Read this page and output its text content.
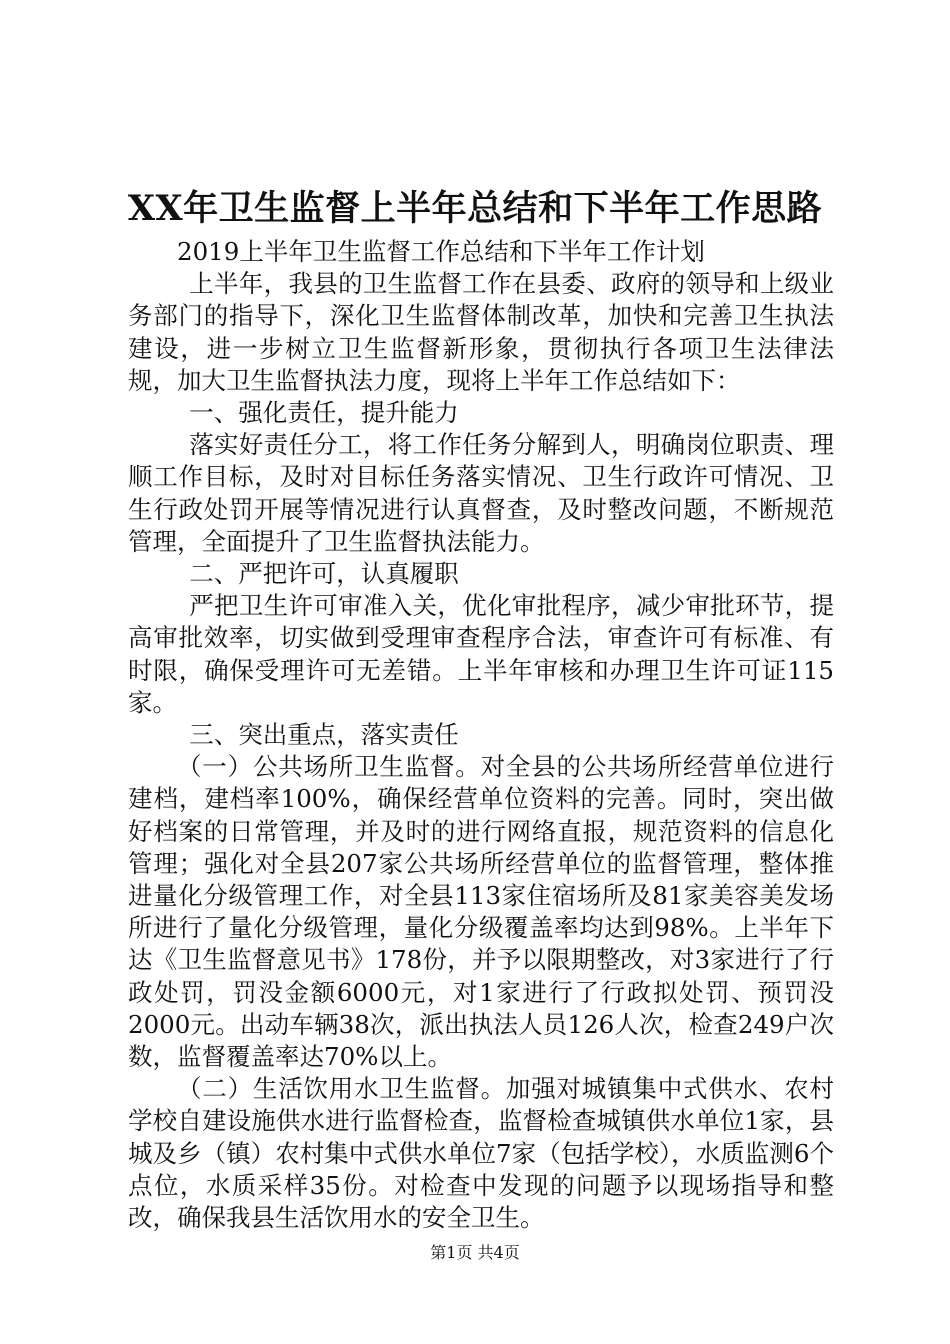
XX年卫生监督上半年总结和下半年工作思路

2019上半年卫生监督工作总结和下半年工作计划

上半年，我县的卫生监督工作在县委、政府的领导和上级业务部门的指导下，深化卫生监督体制改革，加快和完善卫生执法建设，进一步树立卫生监督新形象，贯彻执行各项卫生法律法规，加大卫生监督执法力度，现将上半年工作总结如下：

一、强化责任，提升能力

落实好责任分工，将工作任务分解到人，明确岗位职责、理顺工作目标，及时对目标任务落实情况、卫生行政许可情况、卫生行政处罚开展等情况进行认真督查，及时整改问题，不断规范管理，全面提升了卫生监督执法能力。

二、严把许可，认真履职

严把卫生许可审准入关，优化审批程序，减少审批环节，提高审批效率，切实做到受理审查程序合法，审查许可有标准、有时限，确保受理许可无差错。上半年审核和办理卫生许可证115家。

三、突出重点，落实责任

（一）公共场所卫生监督。对全县的公共场所经营单位进行建档，建档率100%，确保经营单位资料的完善。同时，突出做好档案的日常管理，并及时的进行网络直报，规范资料的信息化管理；强化对全县207家公共场所经营单位的监督管理，整体推进量化分级管理工作，对全县113家住宿场所及81家美容美发场所进行了量化分级管理，量化分级覆盖率均达到98%。上半年下达《卫生监督意见书》178份，并予以限期整改，对3家进行了行政处罚，罚没金额6000元，对1家进行了行政拟处罚、预罚没2000元。出动车辆38次，派出执法人员126人次，检查249户次数，监督覆盖率达70%以上。

（二）生活饮用水卫生监督。加强对城镇集中式供水、农村学校自建设施供水进行监督检查，监督检查城镇供水单位1家，县城及乡（镇）农村集中式供水单位7家（包括学校），水质监测6个点位，水质采样35份。对检查中发现的问题予以现场指导和整改，确保我县生活饮用水的安全卫生。

第1页 共4页
